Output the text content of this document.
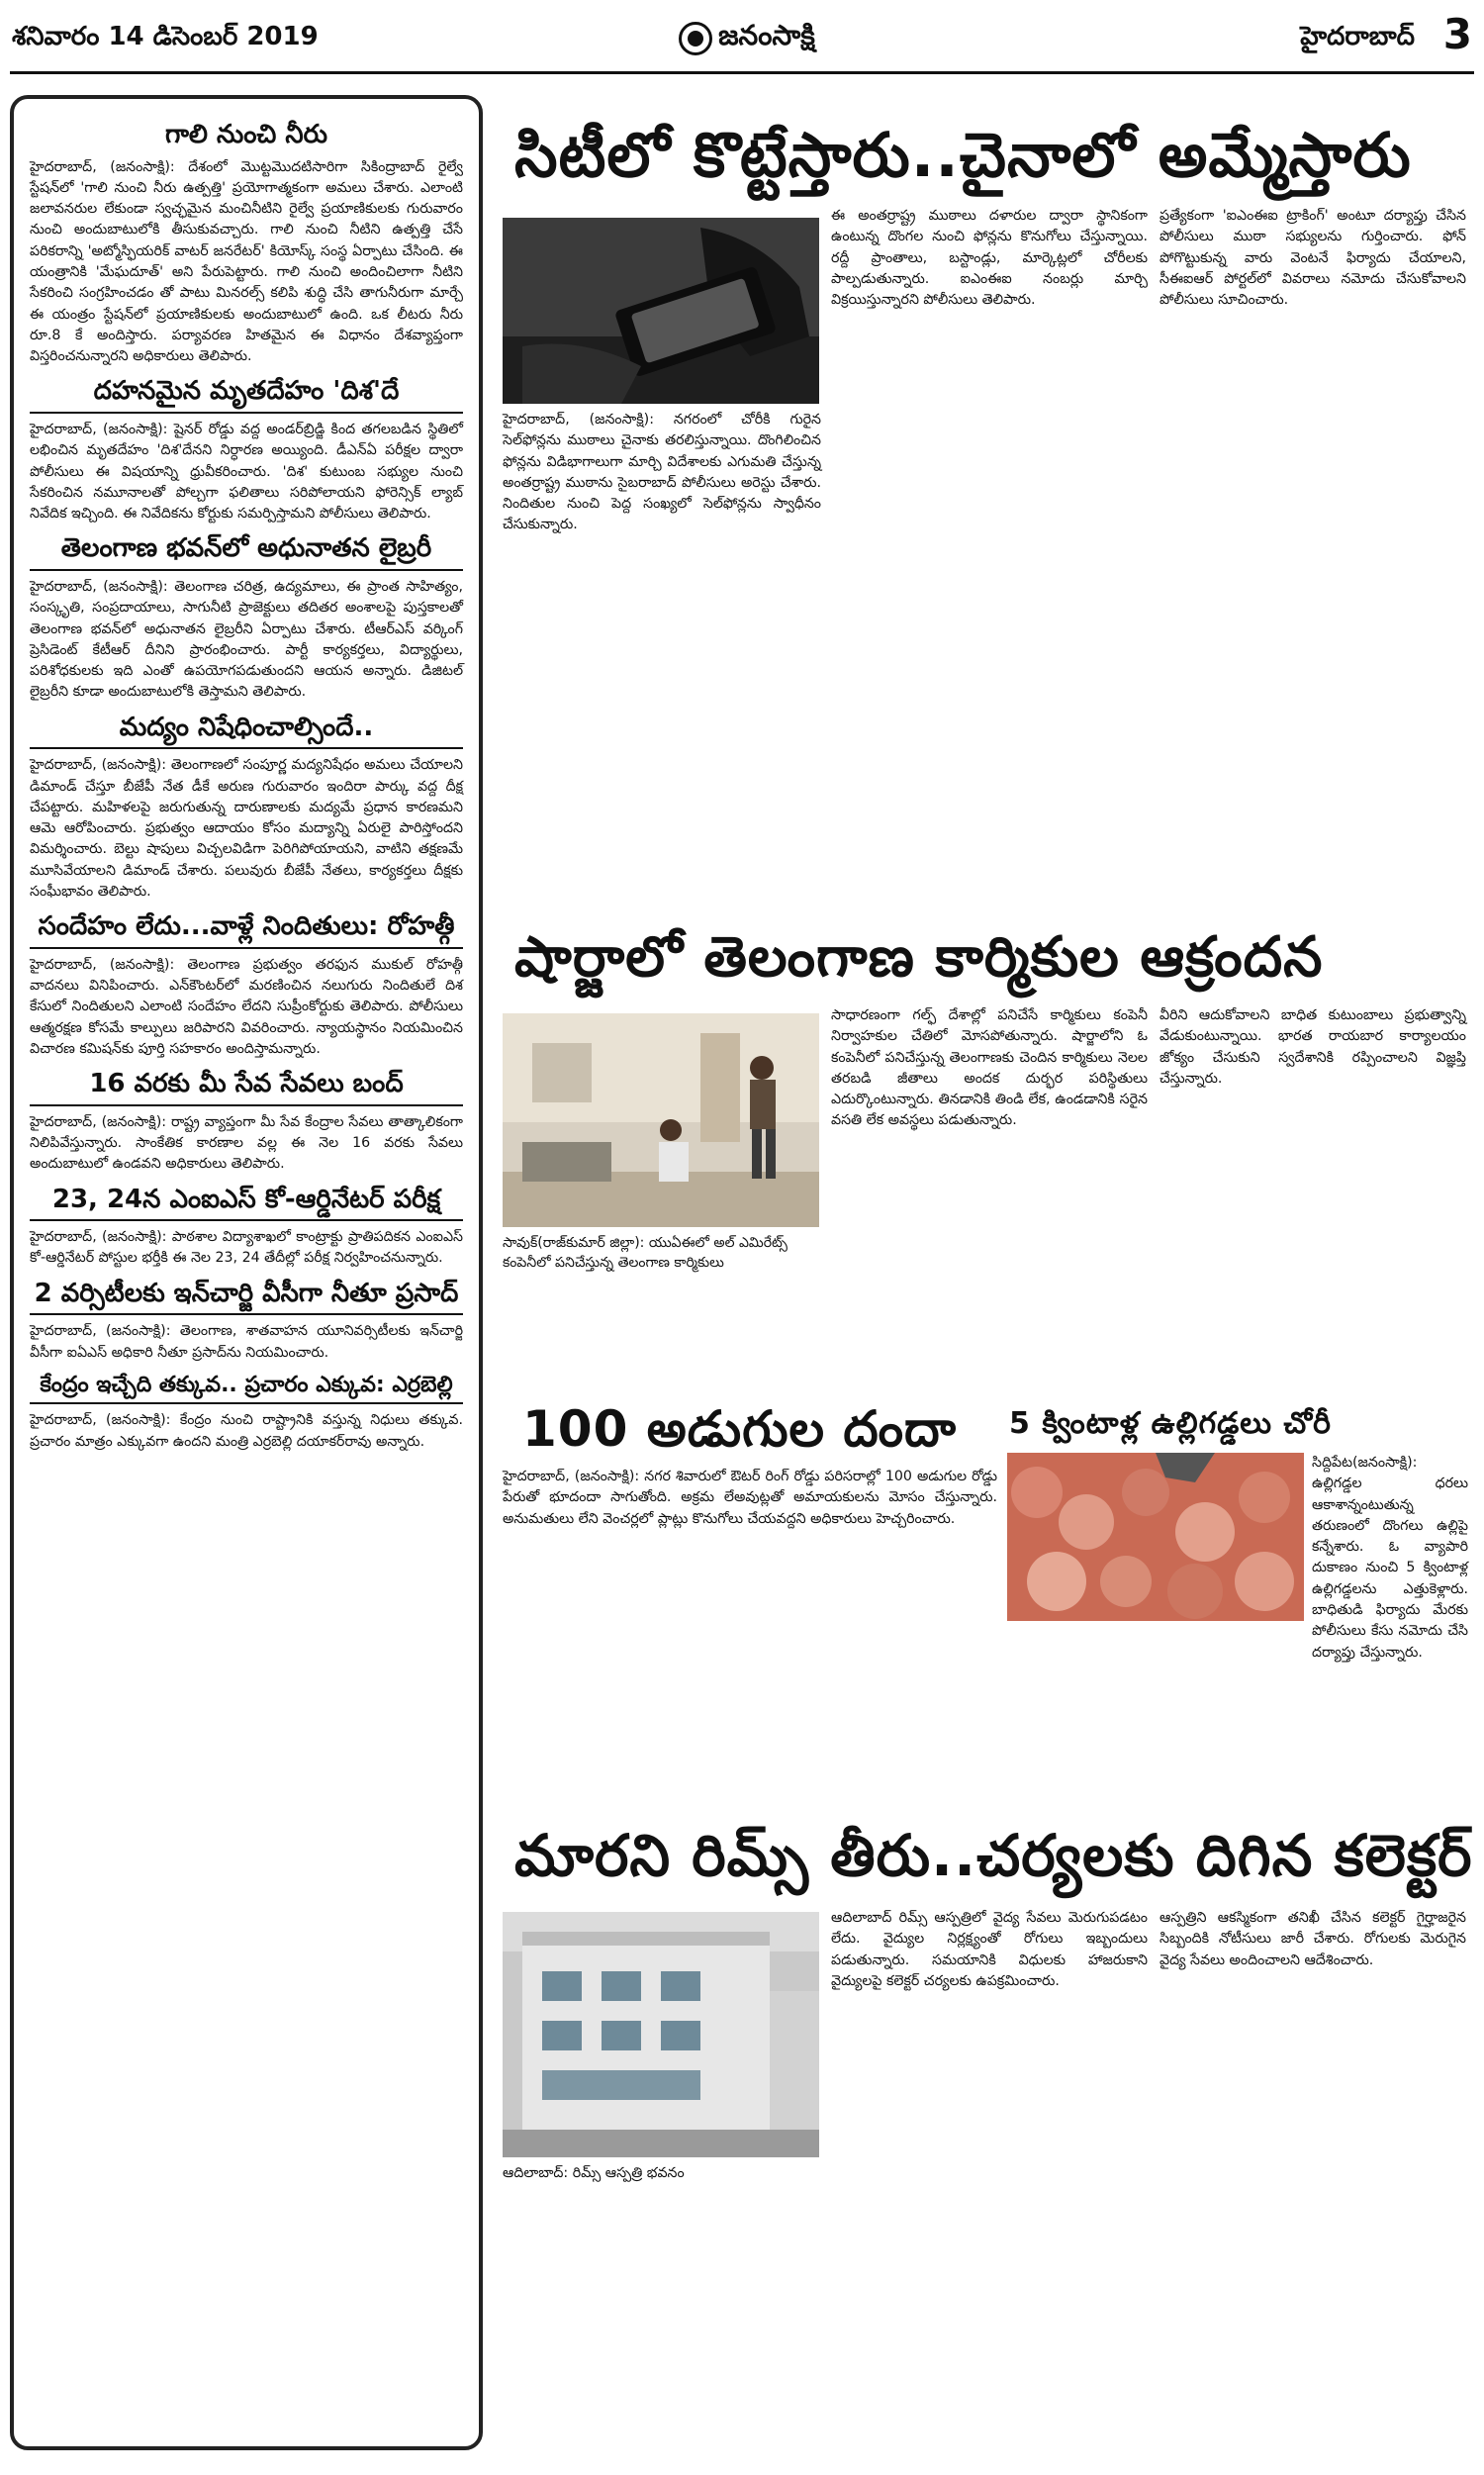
శనివారం 14 డిసెంబర్ 2019	జనంసాక్షి	హైదరాబాద్ 3
గాలి నుంచి నీరు
హైదరాబాద్, (జనంసాక్షి): దేశంలో మొట్టమొదటిసారిగా సికింద్రాబాద్ రైల్వే స్టేషన్‌లో 'గాలి నుంచి నీరు ఉత్పత్తి' ప్రయోగాత్మకంగా అమలు చేశారు. ఎలాంటి జలావనరుల లేకుండా స్వచ్ఛమైన మంచినీటిని రైల్వే ప్రయాణికులకు గురువారం నుంచి అందుబాటులోకి తీసుకువచ్చారు. గాలి నుంచి నీటిని ఉత్పత్తి చేసే పరికరాన్ని 'అట్మోస్ఫియరిక్ వాటర్ జనరేటర్' కియోస్క్ సంస్థ ఏర్పాటు చేసింది. ఈ యంత్రానికి 'మేఘదూత్' అని పేరుపెట్టారు. గాలి నుంచి అందించిలాగా నీటిని సేకరించి సంగ్రహించడం తో పాటు మినరల్స్ కలిపి శుద్ధి చేసి తాగునీరుగా మార్చే ఈ యంత్రం స్టేషన్‌లో ప్రయాణికులకు అందుబాటులో ఉంది. ఒక లీటరు నీరు రూ.8 కే అందిస్తారు. పర్యావరణ హితమైన ఈ విధానం దేశవ్యాప్తంగా విస్తరించనున్నారని అధికారులు తెలిపారు.
దహనమైన మృతదేహం 'దిశ'దే
హైదరాబాద్, (జనంసాక్షి): షైనర్ రోడ్డు వద్ద అండర్‌బ్రిడ్జి కింద తగలబడిన స్థితిలో లభించిన మృతదేహం 'దిశ'దేనని నిర్ధారణ అయ్యింది. డీఎన్ఏ పరీక్షల ద్వారా పోలీసులు ఈ విషయాన్ని ధ్రువీకరించారు. 'దిశ' కుటుంబ సభ్యుల నుంచి సేకరించిన నమూనాలతో పోల్చగా ఫలితాలు సరిపోలాయని ఫోరెన్సిక్ ల్యాబ్ నివేదిక ఇచ్చింది. ఈ నివేదికను కోర్టుకు సమర్పిస్తామని పోలీసులు తెలిపారు.
తెలంగాణ భవన్‌లో అధునాతన లైబ్రరీ
హైదరాబాద్, (జనంసాక్షి): తెలంగాణ చరిత్ర, ఉద్యమాలు, ఈ ప్రాంత సాహిత్యం, సంస్కృతి, సంప్రదాయాలు, సాగునీటి ప్రాజెక్టులు తదితర అంశాలపై పుస్తకాలతో తెలంగాణ భవన్‌లో అధునాతన లైబ్రరీని ఏర్పాటు చేశారు. టీఆర్ఎస్ వర్కింగ్ ప్రెసిడెంట్ కేటీఆర్ దీనిని ప్రారంభించారు. పార్టీ కార్యకర్తలు, విద్యార్థులు, పరిశోధకులకు ఇది ఎంతో ఉపయోగపడుతుందని ఆయన అన్నారు. డిజిటల్ లైబ్రరీని కూడా అందుబాటులోకి తెస్తామని తెలిపారు.
మద్యం నిషేధించాల్సిందే..
హైదరాబాద్, (జనంసాక్షి): తెలంగాణలో సంపూర్ణ మద్యనిషేధం అమలు చేయాలని డిమాండ్ చేస్తూ బీజేపీ నేత డీకే అరుణ గురువారం ఇందిరా పార్కు వద్ద దీక్ష చేపట్టారు. మహిళలపై జరుగుతున్న దారుణాలకు మద్యమే ప్రధాన కారణమని ఆమె ఆరోపించారు. ప్రభుత్వం ఆదాయం కోసం మద్యాన్ని ఏరులై పారిస్తోందని విమర్శించారు. బెల్టు షాపులు విచ్చలవిడిగా పెరిగిపోయాయని, వాటిని తక్షణమే మూసివేయాలని డిమాండ్ చేశారు. పలువురు బీజేపీ నేతలు, కార్యకర్తలు దీక్షకు సంఘీభావం తెలిపారు.
సందేహం లేదు...వాళ్లే నిందితులు: రోహత్గీ
హైదరాబాద్, (జనంసాక్షి): తెలంగాణ ప్రభుత్వం తరఫున ముకుల్ రోహత్గీ వాదనలు వినిపించారు. ఎన్‌కౌంటర్‌లో మరణించిన నలుగురు నిందితులే దిశ కేసులో నిందితులని ఎలాంటి సందేహం లేదని సుప్రీంకోర్టుకు తెలిపారు. పోలీసులు ఆత్మరక్షణ కోసమే కాల్పులు జరిపారని వివరించారు. న్యాయస్థానం నియమించిన విచారణ కమిషన్‌కు పూర్తి సహకారం అందిస్తామన్నారు.
16 వరకు మీ సేవ సేవలు బంద్
హైదరాబాద్, (జనంసాక్షి): రాష్ట్ర వ్యాప్తంగా మీ సేవ కేంద్రాల సేవలు తాత్కాలికంగా నిలిపివేస్తున్నారు. సాంకేతిక కారణాల వల్ల ఈ నెల 16 వరకు సేవలు అందుబాటులో ఉండవని అధికారులు తెలిపారు.
23, 24న ఎంఐఎస్ కో-ఆర్డినేటర్ పరీక్ష
హైదరాబాద్, (జనంసాక్షి): పాఠశాల విద్యాశాఖలో కాంట్రాక్టు ప్రాతిపదికన ఎంఐఎస్ కో-ఆర్డినేటర్ పోస్టుల భర్తీకి ఈ నెల 23, 24 తేదీల్లో పరీక్ష నిర్వహించనున్నారు.
2 వర్సిటీలకు ఇన్‌చార్జి వీసీగా నీతూ ప్రసాద్
హైదరాబాద్, (జనంసాక్షి): తెలంగాణ, శాతవాహన యూనివర్సిటీలకు ఇన్‌చార్జి వీసీగా ఐఏఎస్ అధికారి నీతూ ప్రసాద్‌ను నియమించారు.
కేంద్రం ఇచ్చేది తక్కువ.. ప్రచారం ఎక్కువ: ఎర్రబెల్లి
హైదరాబాద్, (జనంసాక్షి): కేంద్రం నుంచి రాష్ట్రానికి వస్తున్న నిధులు తక్కువ. ప్రచారం మాత్రం ఎక్కువగా ఉందని మంత్రి ఎర్రబెల్లి దయాకర్‌రావు అన్నారు.
సిటీలో కొట్టేస్తారు..చైనాలో అమ్మేస్తారు
హైదరాబాద్, (జనంసాక్షి): నగరంలో చోరీకి గురైన సెల్‌ఫోన్లను ముఠాలు చైనాకు తరలిస్తున్నాయి. దొంగిలించిన ఫోన్లను విడిభాగాలుగా మార్చి విదేశాలకు ఎగుమతి చేస్తున్న అంతర్రాష్ట్ర ముఠాను సైబరాబాద్ పోలీసులు అరెస్టు చేశారు. నిందితుల నుంచి పెద్ద సంఖ్యలో సెల్‌ఫోన్లను స్వాధీనం చేసుకున్నారు.
ఈ అంతర్రాష్ట్ర ముఠాలు దళారుల ద్వారా స్థానికంగా ఉంటున్న దొంగల నుంచి ఫోన్లను కొనుగోలు చేస్తున్నాయి. రద్దీ ప్రాంతాలు, బస్టాండ్లు, మార్కెట్లలో చోరీలకు పాల్పడుతున్నారు. ఐఎంఈఐ నంబర్లు మార్చి విక్రయిస్తున్నారని పోలీసులు తెలిపారు.
ప్రత్యేకంగా 'ఐఎంఈఐ ట్రాకింగ్' అంటూ దర్యాప్తు చేసిన పోలీసులు ముఠా సభ్యులను గుర్తించారు. ఫోన్ పోగొట్టుకున్న వారు వెంటనే ఫిర్యాదు చేయాలని, సీఈఐఆర్ పోర్టల్‌లో వివరాలు నమోదు చేసుకోవాలని పోలీసులు సూచించారు.
షార్జాలో తెలంగాణ కార్మికుల ఆక్రందన
సావుక్(రాజ్‌కుమార్ జిల్లా): యుఏఈలో అల్ ఎమిరేట్స్ కంపెనీలో పనిచేస్తున్న తెలంగాణ కార్మికులు
సాధారణంగా గల్ఫ్ దేశాల్లో పనిచేసే కార్మికులు కంపెనీ నిర్వాహకుల చేతిలో మోసపోతున్నారు. షార్జాలోని ఓ కంపెనీలో పనిచేస్తున్న తెలంగాణకు చెందిన కార్మికులు నెలల తరబడి జీతాలు అందక దుర్భర పరిస్థితులు ఎదుర్కొంటున్నారు. తినడానికి తిండి లేక, ఉండడానికి సరైన వసతి లేక అవస్థలు పడుతున్నారు.
వీరిని ఆదుకోవాలని బాధిత కుటుంబాలు ప్రభుత్వాన్ని వేడుకుంటున్నాయి. భారత రాయబార కార్యాలయం జోక్యం చేసుకుని స్వదేశానికి రప్పించాలని విజ్ఞప్తి చేస్తున్నారు.
100 అడుగుల దందా
హైదరాబాద్, (జనంసాక్షి): నగర శివారులో ఔటర్ రింగ్ రోడ్డు పరిసరాల్లో 100 అడుగుల రోడ్డు పేరుతో భూదందా సాగుతోంది. అక్రమ లేఅవుట్లతో అమాయకులను మోసం చేస్తున్నారు. అనుమతులు లేని వెంచర్లలో ప్లాట్లు కొనుగోలు చేయవద్దని అధికారులు హెచ్చరించారు.
5 క్వింటాళ్ల ఉల్లిగడ్డలు చోరీ
సిద్దిపేట(జనంసాక్షి): ఉల్లిగడ్డల ధరలు ఆకాశాన్నంటుతున్న తరుణంలో దొంగలు ఉల్లిపై కన్నేశారు. ఓ వ్యాపారి దుకాణం నుంచి 5 క్వింటాళ్ల ఉల్లిగడ్డలను ఎత్తుకెళ్లారు. బాధితుడి ఫిర్యాదు మేరకు పోలీసులు కేసు నమోదు చేసి దర్యాప్తు చేస్తున్నారు.
మారని రిమ్స్ తీరు..చర్యలకు దిగిన కలెక్టర్
ఆదిలాబాద్: రిమ్స్ ఆస్పత్రి భవనం
ఆదిలాబాద్ రిమ్స్ ఆస్పత్రిలో వైద్య సేవలు మెరుగుపడటం లేదు. వైద్యుల నిర్లక్ష్యంతో రోగులు ఇబ్బందులు పడుతున్నారు. సమయానికి విధులకు హాజరుకాని వైద్యులపై కలెక్టర్ చర్యలకు ఉపక్రమించారు.
ఆస్పత్రిని ఆకస్మికంగా తనిఖీ చేసిన కలెక్టర్ గైర్హాజరైన సిబ్బందికి నోటీసులు జారీ చేశారు. రోగులకు మెరుగైన వైద్య సేవలు అందించాలని ఆదేశించారు.
